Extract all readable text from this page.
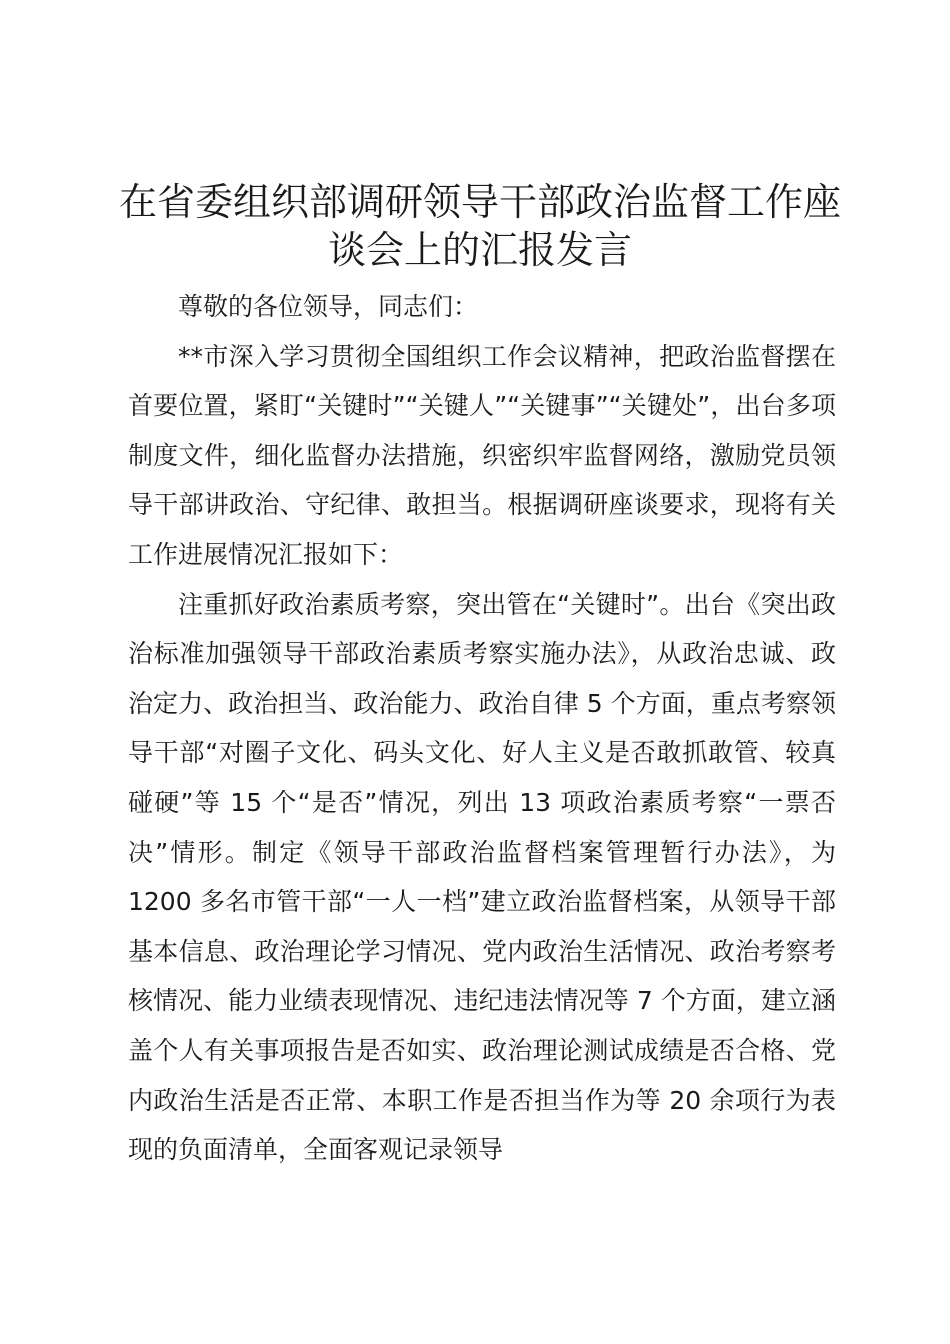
在省委组织部调研领导干部政治监督工作座谈会上的汇报发言

尊敬的各位领导，同志们：

**市深入学习贯彻全国组织工作会议精神，把政治监督摆在首要位置，紧盯“关键时”“关键人”“关键事”“关键处”，出台多项制度文件，细化监督办法措施，织密织牢监督网络，激励党员领导干部讲政治、守纪律、敢担当。根据调研座谈要求，现将有关工作进展情况汇报如下：

注重抓好政治素质考察，突出管在“关键时”。出台《突出政治标准加强领导干部政治素质考察实施办法》，从政治忠诚、政治定力、政治担当、政治能力、政治自律 5 个方面，重点考察领导干部“对圈子文化、码头文化、好人主义是否敢抓敢管、较真碰硬”等 15 个“是否”情况，列出 13 项政治素质考察“一票否决”情形。制定《领导干部政治监督档案管理暂行办法》，为 1200 多名市管干部“一人一档”建立政治监督档案，从领导干部基本信息、政治理论学习情况、党内政治生活情况、政治考察考核情况、能力业绩表现情况、违纪违法情况等 7 个方面，建立涵盖个人有关事项报告是否如实、政治理论测试成绩是否合格、党内政治生活是否正常、本职工作是否担当作为等 20 余项行为表现的负面清单，全面客观记录领导
